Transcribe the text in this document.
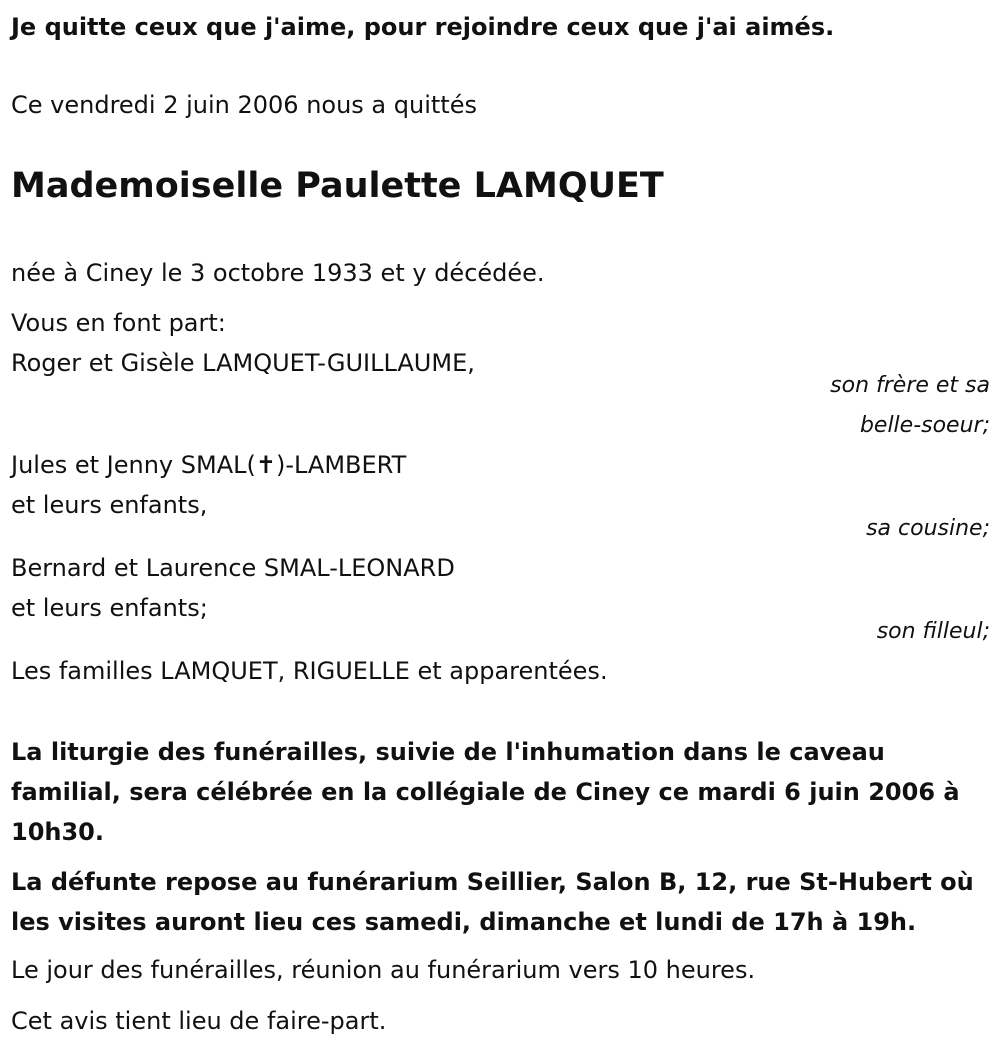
Je quitte ceux que j'aime, pour rejoindre ceux que j'ai aimés.
Ce vendredi 2 juin 2006 nous a quittés
Mademoiselle Paulette LAMQUET
née à Ciney le 3 octobre 1933 et y décédée.
Vous en font part:
Roger et Gisèle LAMQUET-GUILLAUME,
son frère et sa
belle-soeur;
Jules et Jenny SMAL(✝)-LAMBERT
et leurs enfants,
sa cousine;
Bernard et Laurence SMAL-LEONARD
et leurs enfants;
son filleul;
Les familles LAMQUET, RIGUELLE et apparentées.
La liturgie des funérailles, suivie de l'inhumation dans le caveau familial, sera célébrée en la collégiale de Ciney ce mardi 6 juin 2006 à 10h30.
La défunte repose au funérarium Seillier, Salon B, 12, rue St-Hubert où les visites auront lieu ces samedi, dimanche et lundi de 17h à 19h.
Le jour des funérailles, réunion au funérarium vers 10 heures.
Cet avis tient lieu de faire-part.
